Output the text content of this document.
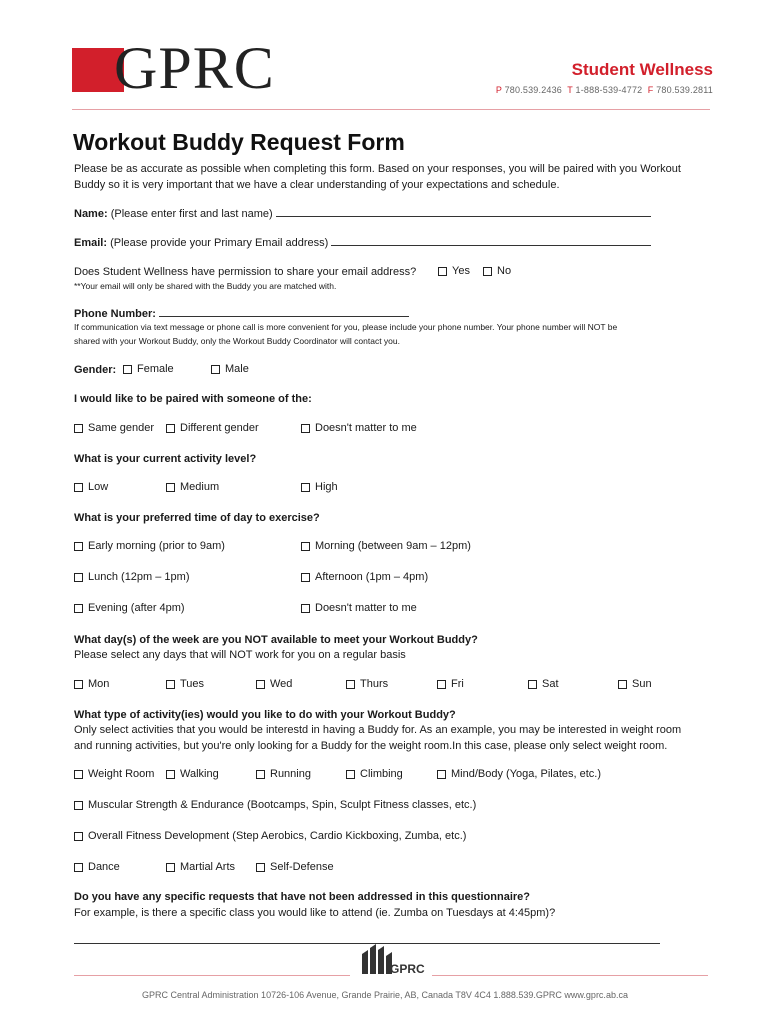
GPRC	Student Wellness
P 780.539.2436 T 1-888-539-4772 F 780.539.2811
Workout Buddy Request Form
Please be as accurate as possible when completing this form. Based on your responses, you will be paired with you Workout
Buddy so it is very important that we have a clear understanding of your expectations and schedule.
Name: (Please enter first and last name)
Email: (Please provide your Primary Email address)
Does Student Wellness have permission to share your email address?	Yes No
**Your email will only be shared with the Buddy you are matched with.
Phone Number:
If communication via text message or phone call is more convenient for you, please include your phone number. Your phone number will NOT be
shared with your Workout Buddy, only the Workout Buddy Coordinator will contact you.
Gender: Female	Male
I would like to be paired with someone of the:
Same gender Different gender	Doesn't matter to me
What is your current activity level?
Low	Medium	High
What is your preferred time of day to exercise?
Early morning (prior to 9am)	Morning (between 9am – 12pm)
Lunch (12pm – 1pm)	Afternoon (1pm – 4pm)
Evening (after 4pm)	Doesn't matter to me
What day(s) of the week are you NOT available to meet your Workout Buddy?
Please select any days that will NOT work for you on a regular basis
Mon	Tues	Wed	Thurs	Fri	Sat	Sun
What type of activity(ies) would you like to do with your Workout Buddy?
Only select activities that you would be interestd in having a Buddy for. As an example, you may be interested in weight room
and running activities, but you're only looking for a Buddy for the weight room.In this case, please only select weight room.
Weight Room Walking	Running	Climbing	Mind/Body (Yoga, Pilates, etc.)
Muscular Strength & Endurance (Bootcamps, Spin, Sculpt Fitness classes, etc.)
Overall Fitness Development (Step Aerobics, Cardio Kickboxing, Zumba, etc.)
Dance	Martial Arts	Self-Defense
Do you have any specific requests that have not been addressed in this questionnaire?
For example, is there a specific class you would like to attend (ie. Zumba on Tuesdays at 4:45pm)?
GPRC
GPRC Central Administration 10726-106 Avenue, Grande Prairie, AB, Canada T8V 4C4 1.888.539.GPRC www.gprc.ab.ca
